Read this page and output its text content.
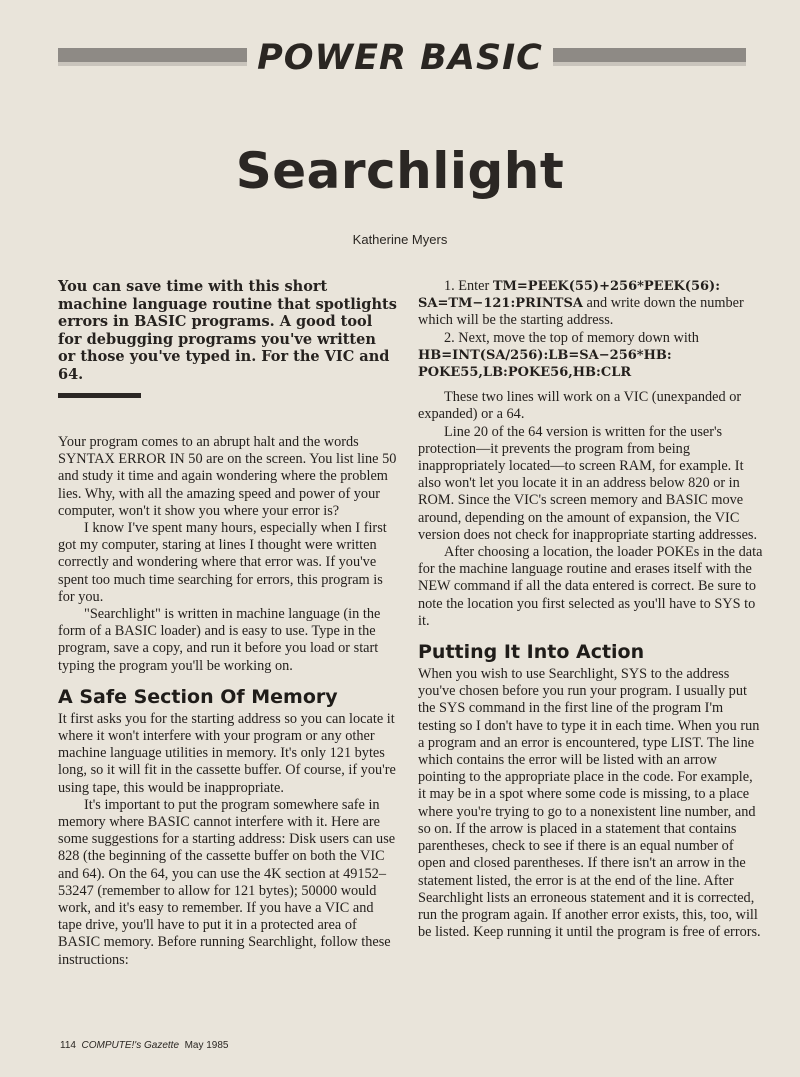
POWER BASIC
Searchlight
Katherine Myers

You can save time with this short machine language routine that spotlights errors in BASIC programs. A good tool for debugging programs you've written or those you've typed in. For the VIC and 64.

Your program comes to an abrupt halt and the words SYNTAX ERROR IN 50 are on the screen. You list line 50 and study it time and again wondering where the problem lies. Why, with all the amazing speed and power of your computer, won't it show you where your error is?

I know I've spent many hours, especially when I first got my computer, staring at lines I thought were written correctly and wondering where that error was. If you've spent too much time searching for errors, this program is for you.

"Searchlight" is written in machine language (in the form of a BASIC loader) and is easy to use. Type in the program, save a copy, and run it before you load or start typing the program you'll be working on.

A Safe Section Of Memory

It first asks you for the starting address so you can locate it where it won't interfere with your program or any other machine language utilities in memory. It's only 121 bytes long, so it will fit in the cassette buffer. Of course, if you're using tape, this would be inappropriate.

It's important to put the program somewhere safe in memory where BASIC cannot interfere with it. Here are some suggestions for a starting address: Disk users can use 828 (the beginning of the cassette buffer on both the VIC and 64). On the 64, you can use the 4K section at 49152–53247 (remember to allow for 121 bytes); 50000 would work, and it's easy to remember. If you have a VIC and tape drive, you'll have to put it in a protected area of BASIC memory. Before running Searchlight, follow these instructions:

1. Enter TM=PEEK(55)+256*PEEK(56): SA=TM−121:PRINTSA and write down the number which will be the starting address.

2. Next, move the top of memory down with HB=INT(SA/256):LB=SA−256*HB: POKE55,LB:POKE56,HB:CLR

These two lines will work on a VIC (unexpanded or expanded) or a 64.

Line 20 of the 64 version is written for the user's protection—it prevents the program from being inappropriately located—to screen RAM, for example. It also won't let you locate it in an address below 820 or in ROM. Since the VIC's screen memory and BASIC move around, depending on the amount of expansion, the VIC version does not check for inappropriate starting addresses.

After choosing a location, the loader POKEs in the data for the machine language routine and erases itself with the NEW command if all the data entered is correct. Be sure to note the location you first selected as you'll have to SYS to it.

Putting It Into Action

When you wish to use Searchlight, SYS to the address you've chosen before you run your program. I usually put the SYS command in the first line of the program I'm testing so I don't have to type it in each time. When you run a program and an error is encountered, type LIST. The line which contains the error will be listed with an arrow pointing to the appropriate place in the code. For example, it may be in a spot where some code is missing, to a place where you're trying to go to a nonexistent line number, and so on. If the arrow is placed in a statement that contains parentheses, check to see if there is an equal number of open and closed parentheses. If there isn't an arrow in the statement listed, the error is at the end of the line. After Searchlight lists an erroneous statement and it is corrected, run the program again. If another error exists, this, too, will be listed. Keep running it until the program is free of errors.

114 COMPUTE!'s Gazette May 1985
